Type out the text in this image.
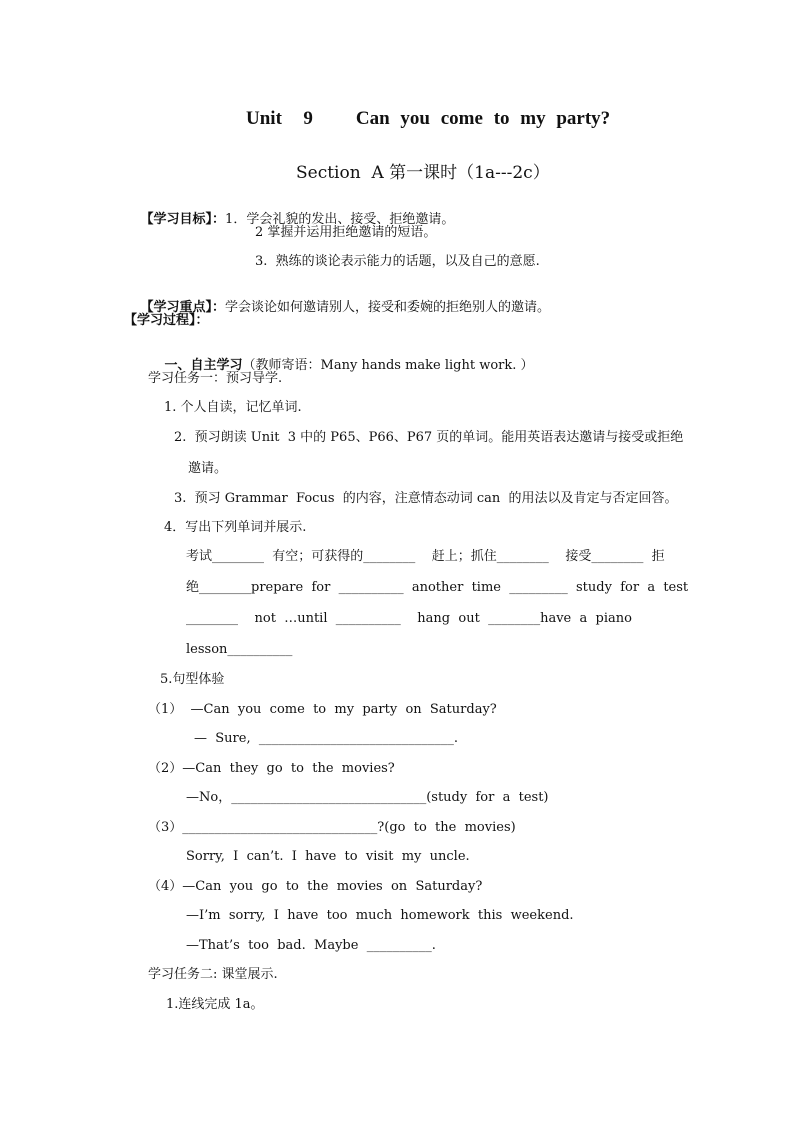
Unit  9    Can you come to my party?
Section  A 第一课时（1a---2c）

【学习目标】：1．学会礼貌的发出、接受、拒绝邀请。

2 掌握并运用拒绝邀请的短语。
3.  熟练的谈论表示能力的话题，以及自己的意愿.

【学习重点】：学会谈论如何邀请别人，接受和委婉的拒绝别人的邀请。

【学习过程】：

一、自主学习（教师寄语：Many hands make light work. ）

学习任务一：预习导学.
1. 个人自读，记忆单词.
2.  预习朗读 Unit  3 中的 P65、P66、P67 页的单词。能用英语表达邀请与接受或拒绝
邀请。
3.  预习 Grammar  Focus  的内容，注意情态动词 can  的用法以及肯定与否定回答。
4．写出下列单词并展示.
考试________  有空；可获得的________    赶上；抓住________    接受________  拒
绝________prepare  for  __________  another  time  _________  study  for  a  test
________    not  …until  __________    hang  out  ________have  a  piano
lesson__________
5.句型体验
（1）  —Can  you  come  to  my  party  on  Saturday?
—  Sure,  ______________________________.
（2）—Can  they  go  to  the  movies?
—No，______________________________(study  for  a  test)
（3）______________________________?(go  to  the  movies)
Sorry,  I  can’t.  I  have  to  visit  my  uncle.
（4）—Can  you  go  to  the  movies  on  Saturday?
—I’m  sorry,  I  have  too  much  homework  this  weekend.
—That’s  too  bad.  Maybe  __________.
学习任务二: 课堂展示.
1.连线完成 1a。
